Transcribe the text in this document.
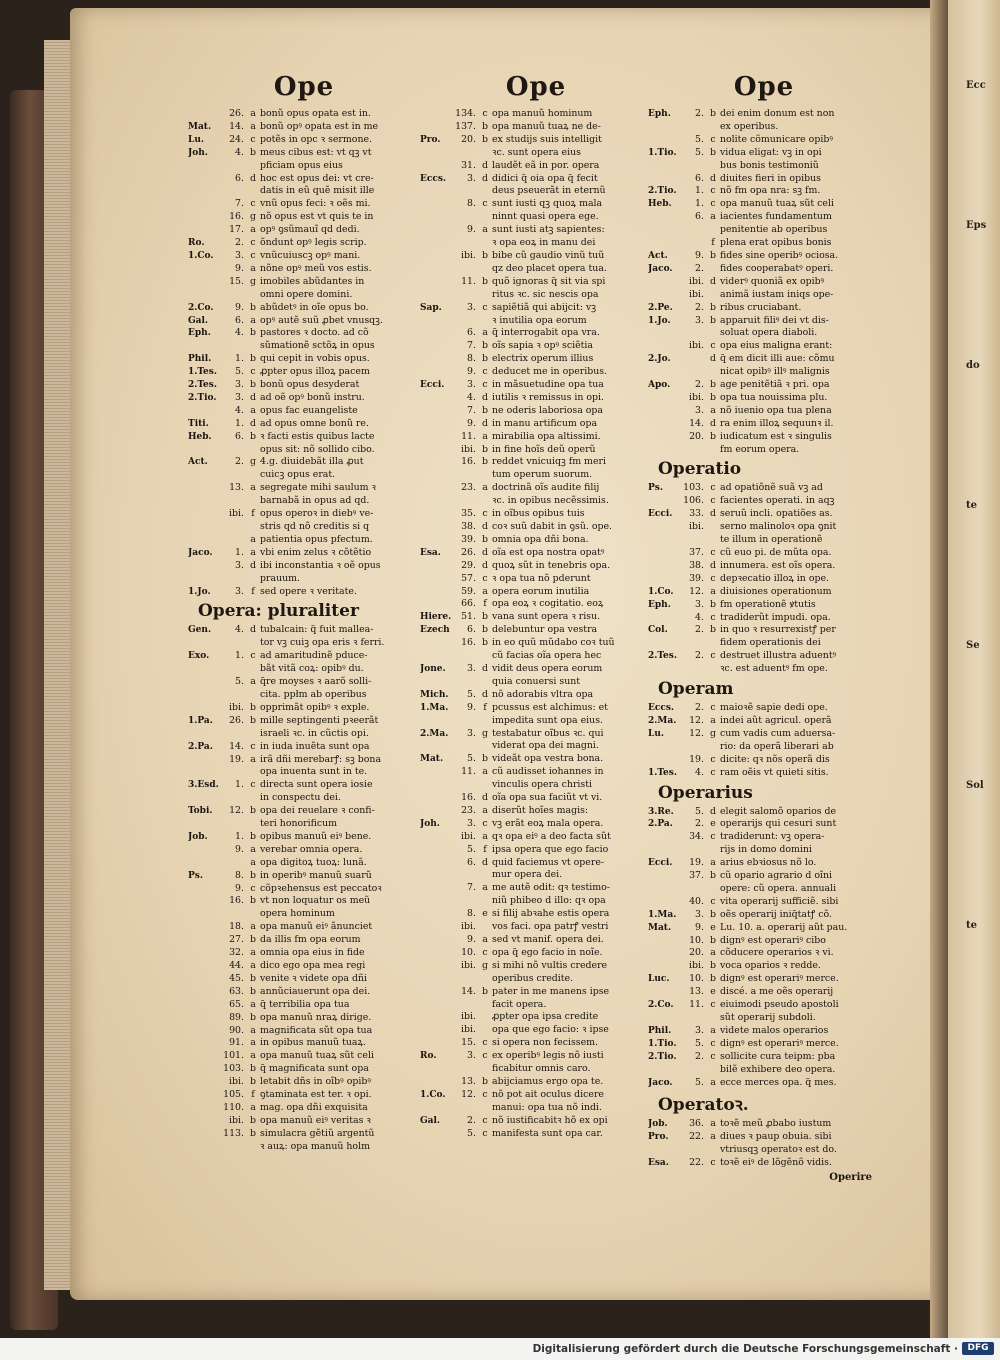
Ope
26. a bonũ opus opata est in.
Mat.	14. a bonũ opꝰ opata est in me
Lu.	24. c potẽs in opc ꝛ sermone.
Joh.	4. b meus cibus est: vt qꝫ vt
pficiam opus eius
6. d hoc est opus dei: vt cre-
datis in eũ quẽ misit ille
7. c vnũ opus feci: ꝛ oẽs mi.
16. g nõ opus est vt quis te in
17. a opꝰ ꝯsũmauĩ qd dedi.
Ro.	2. c õndunt opꝰ legis scrip.
1.Co.	3. c vnũcuiuscꝫ opꝰ mani.
9. a nõne opꝰ meũ vos estis.
15. g imobiles abũdantes in
omni opere domini.
2.Co.	9. b abũdetꝰ in oĩe opus bo.
Gal.	6. a opꝰ autẽ suũ ꝓbet vnusqꝫ.
Eph.	4. b pastores ꝛ docto. ad cõ
sũmationẽ sctõꝝ in opus
Phil.	1. b qui cepit in vobis opus.
1.Tes.	5. c ꝓpter opus illoꝝ pacem
2.Tes.	3. b bonũ opus desyderat
2.Tio.	3. d ad oẽ opꝰ bonũ instru.
4. a opus fac euangeliste
Titi.	1. d ad opus omne bonũ re.
Heb.	6. b ꝛ facti estis quibus lacte
opus sit: nõ sollido cibo.
Act.	2. g 4.g. diuidebãt illa ꝓut
cuicꝫ opus erat.
13. a segregate mihi saulum ꝛ
barnabã in opus ad qd.
ibi. f opus operoꝛ in diebꝰ ve-
stris qd nõ creditis si q
a patientia opus pfectum.
Jaco.	1. a vbi enim zelus ꝛ cõtẽtio
3. d ibi inconstantia ꝛ oẽ opus
prauum.
1.Jo.	3. f sed opere ꝛ veritate.
Opera: pluraliter
Gen.	4. d tubalcain: q̃ fuit mallea-
tor vꝫ cuiꝫ opa eris ꝛ ferri.
Exo.	1. c ad amaritudinẽ pduce-
bãt vitã coꝝ: opibꝰ du.
5. a q̃re moyses ꝛ aarõ solli-
cita. ppłm ab operibus
ibi. b opprimãt opibꝰ ꝛ exple.
1.Pa.	26. b mille septingenti pꝛeerãt
israeli ꝛc. in cũctis opi.
2.Pa.	14. c in iuda inuẽta sunt opa
19. a irã dñi merebarꝭ: sꝫ bona
opa inuenta sunt in te.
3.Esd.	1. c directa sunt opera iosie
in conspectu dei.
Tobi.	12. b opa dei reuelare ꝛ confi-
teri honorificum
Job.	1. b opibus manuũ eiꝰ bene.
9. a verebar omnia opera.
a opa digitoꝝ tuoꝝ: lunã.
Ps.	8. b in operibꝰ manuũ suarũ
9. c cõpꝛehensus est peccatoꝛ
16. b vt non loquatur os meũ
opera hominum
18. a opa manuũ eiꝰ ãnunciet
27. b da illis fm opa eorum
32. a omnia opa eius in fide
44. a dico ego opa mea regi
45. b venite ꝛ videte opa dñi
63. b annũciauerunt opa dei.
65. a q̃ terribilia opa tua
89. b opa manuũ nraꝝ dirige.
90. a magnificata sũt opa tua
91. a in opibus manuũ tuaꝝ.
101. a opa manuũ tuaꝝ sũt celi
103. b q̃ magnificata sunt opa
ibi. b letabit dñs in oĩbꝰ opibꝰ
105. f ꝯtaminata est ter. ꝛ opi.
110. a mag. opa dñi exquisita
ibi. b opa manuũ eiꝰ veritas ꝛ
113. b simulacra gẽtiũ argentũ
ꝛ auꝝ: opa manuũ holm
Ope
134. c opa manuũ hominum
137. b opa manuũ tuaꝝ ne de-
Pro.	20. b ex studijs suis intelligit
ꝛc. sunt opera eius
31. d laudẽt eã in por. opera
Eccs.	3. d didici q̃ oia opa q̃ fecit
deus pseuerãt in eternũ
8. c sunt iusti qꝫ quoꝝ mala
ninnt quasi opera ege.
9. a sunt iusti atꝫ sapientes:
ꝛ opa eoꝝ in manu dei
ibi. b bibe cũ gaudio vinũ tuũ
qz deo placet opera tua.
11. b quõ ignoras q̃ sit via spi
ritus ꝛc. sic nescis opa
Sap.	3. c sapiẽtiã qui abijcit: vꝫ
ꝛ inutilia opa eorum
6. a q̃ interrogabit opa vra.
7. b oĩs sapia ꝛ opꝰ sciẽtia
8. b electrix operum illius
9. c deducet me in operibus.
Ecci.	3. c in mãsuetudine opa tua
4. d iutilis ꝛ remissus in opi.
7. b ne oderis laboriosa opa
9. d in manu artificum opa
11. a mirabilia opa altissimi.
ibi. b in fine hoĩs deũ operũ
16. b reddet vnicuiqꝫ fm meri
tum operum suorum.
23. a doctrinã oĩs audite filij
ꝛc. in opibus necẽssimis.
35. c in oĩbus opibus tuis
38. d coꝛ suũ dabit in ꝯsũ. ope.
39. b omnia opa dñi bona.
Esa.	26. d oĩa est opa nostra opatꝰ
29. d quoꝝ sũt in tenebris opa.
57. c ꝛ opa tua nõ pderunt
59. a opera eorum inutilia
66. f opa eoꝝ ꝛ cogitatio. eoꝝ
Hiere.	51. b vana sunt opera ꝛ risu.
Ezech	6. b delebuntur opa vestra
16. b in eo quũ mũdabo coꝛ tuũ
cũ facias oĩa opera hec
Jone.	3. d vidit deus opera eorum
quia conuersi sunt
Mich.	5. d nõ adorabis vltra opa
1.Ma.	9. f pcussus est alchimus: et
impedita sunt opa eius.
2.Ma.	3. g testabatur oĩbus ꝛc. qui
viderat opa dei magni.
Mat.	5. b videãt opa vestra bona.
11. a cũ audisset iohannes in
vinculis opera christi
16. d oĩa opa sua faciũt vt vi.
23. a diserũt hoĩes magis:
Joh.	3. c vꝫ erãt eoꝝ mala opera.
ibi. a qꝛ opa eiꝰ a deo facta sũt
5. f ipsa opera que ego facio
6. d quid faciemus vt opere-
mur opera dei.
7. a me autẽ odit: qꝛ testimo-
niũ phibeo d illo: qꝛ opa
8. e si filij abꝛahe estis opera
ibi.	vos faci. opa patrꝭ vestri
9. a sed vt manif. opera dei.
10. c opa q̃ ego facio in noĩe.
ibi. g si mihi nõ vultis credere
operibus credite.
14. b pater in me manens ipse
facit opera.
ibi.	ꝓpter opa ipsa credite
ibi.	opa que ego facio: ꝛ ipse
15. c si opera non fecissem.
Ro.	3. c ex operibꝰ legis nõ iusti
ficabitur omnis caro.
13. b abijciamus ergo opa te.
1.Co.	12. c nõ pot ait oculus dicere
manui: opa tua nõ indi.
Gal.	2. c nõ iustificabitꝛ hõ ex opi
5. c manifesta sunt opa car.
Ope
Eph.	2. b dei enim donum est non
ex operibus.
5. c nolite cõmunicare opibꝰ
1.Tio.	5. b vidua eligat: vꝫ in opi
bus bonis testimoniũ
6. d diuites fieri in opibus
2.Tio.	1. c nõ fm opa nra: sꝫ fm.
Heb.	1. c opa manuũ tuaꝝ sũt celi
6. a iacientes fundamentum
penitentie ab operibus
f plena erat opibus bonis
Act.	9. b fides sine operibꝰ ociosa.
Jaco.	2.	fides cooperabatꝰ operi.
ibi. d viderꝰ quoniã ex opibꝰ
ibi.	animã iustam iniqs ope-
2.Pe.	2. b ribus cruciabant.
1.Jo.	3. b apparuit filiꝰ dei vt dis-
soluat opera diaboli.
ibi. c opa eius maligna erant:
2.Jo.	d q̃ em dicit illi aue: cõmu
nicat opibꝰ illꝰ malignis
Apo.	2. b age penitẽtiã ꝛ pri. opa
ibi. b opa tua nouissima plu.
3. a nõ iuenio opa tua plena
14. d ra enim illoꝝ sequunꝛ il.
20. b iudicatum est ꝛ singulis
fm eorum opera.
Operatio
Ps.	103. c ad opatiõnẽ suã vꝫ ad
106. c facientes operati. in aqꝫ
Ecci.	33. d seruũ incli. opatiões as.
ibi.	serno malinoloꝛ opa ꝯnit
te illum in operationẽ
37. c cũ euo pi. de mũta opa.
38. d innumera. est oĩs opera.
39. c depꝛecatio illoꝝ in ope.
1.Co.	12. a diuisiones operationum
Eph.	3. b fm operationẽ ꝟtutis
4. c tradiderũt impudi. opa.
Col.	2. b in quo ꝛ resurrexistꝭ per
fidem operationis dei
2.Tes.	2. c destruet illustra aduentꝰ
ꝛc. est aduentꝰ fm ope.
Operam
Eccs.	2. c maioꝛẽ sapie dedi ope.
2.Ma.	12. a indei aũt agricul. operã
Lu.	12. g cum vadis cum aduersa-
rio: da operã liberari ab
19. c dicite: qꝛ nõs operã dis
1.Tes.	4. c ram oẽis vt quieti sitis.
Operarius
3.Re.	5. d elegit salomõ oparios de
2.Pa.	2. e operarijs qui cesuri sunt
34. c tradiderunt: vꝫ opera-
rijs in domo domini
Ecci.	19. a arius ebꝛiosus nõ lo.
37. b cũ opario agrario d oĩni
opere: cũ opera. annuali
40. c vita operarij sufficiẽ. sibi
1.Ma.	3. b oẽs operarij iniq̃tatꝭ cõ.
Mat.	9. e Lu. 10. a. operarij aũt pau.
10. b dignꝰ est operariꝰ cibo
20. a cõducere operarios ꝛ vi.
ibi. b voca oparios ꝛ redde.
Luc.	10. b dignꝰ est operariꝰ merce.
13. e discé. a me oẽs operarij
2.Co.	11. c eiuimodi pseudo apostoli
sũt operarij subdoli.
Phil.	3. a videte malos operarios
1.Tio.	5. c dignꝰ est operariꝰ merce.
2.Tio.	2. c sollicite cura teipm: pba
bilẽ exhibere deo opera.
Jaco.	5. a ecce merces opa. q̃ mes.
Operatoꝛ.
Job.	36. a toꝛẽ meũ ꝓbabo iustum
Pro.	22. a diues ꝛ paup obuia. sibi
vtriusqꝫ operatoꝛ est do.
Esa.	22. c toꝛẽ eiꝰ de lõgẽnõ vidis.
Operire
Ecc
Eps
do
te
Se
Sol
te
Digitalisierung gefördert durch die Deutsche Forschungsgemeinschaft ·	DFG
